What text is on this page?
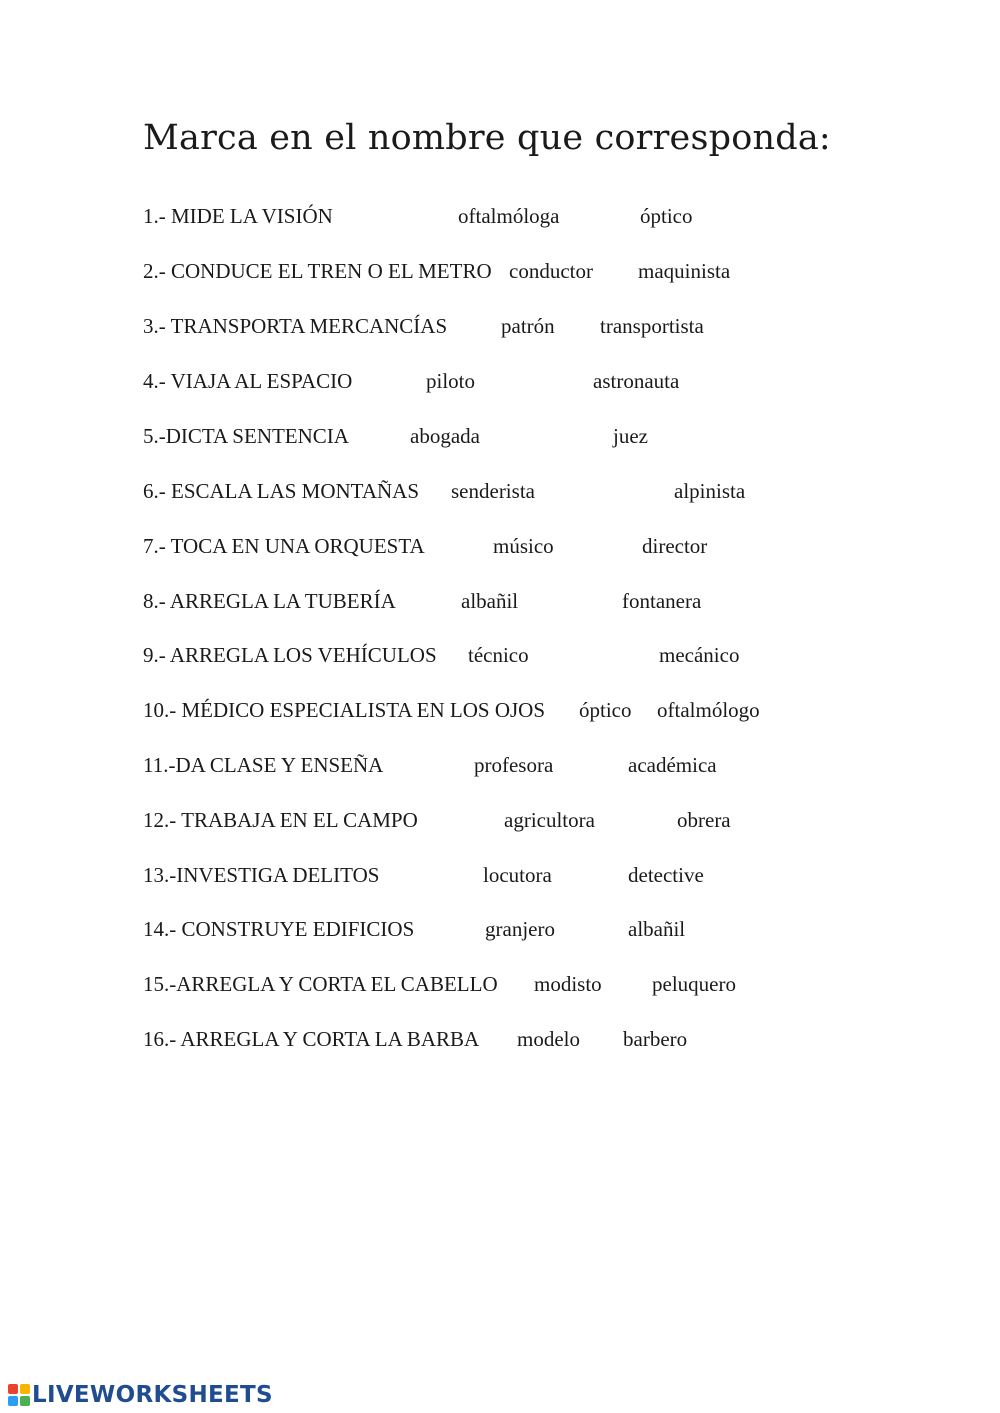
Marca en el nombre que corresponda:
1.- MIDE LA VISIÓN	oftalmóloga	óptico
2.- CONDUCE EL TREN O EL METRO conductor maquinista
3.- TRANSPORTA MERCANCÍAS	patrón transportista
4.- VIAJA AL ESPACIO	piloto	astronauta
5.-DICTA SENTENCIA	abogada	juez
6.- ESCALA LAS MONTAÑAS senderista	alpinista
7.- TOCA EN UNA ORQUESTA	músico	director
8.- ARREGLA LA TUBERÍA	albañil	fontanera
9.- ARREGLA LOS VEHÍCULOS técnico	mecánico
10.- MÉDICO ESPECIALISTA EN LOS OJOS óptico oftalmólogo
11.-DA CLASE Y ENSEÑA	profesora	académica
12.- TRABAJA EN EL CAMPO	agricultora	obrera
13.-INVESTIGA DELITOS	locutora	detective
14.- CONSTRUYE EDIFICIOS	granjero	albañil
15.-ARREGLA Y CORTA EL CABELLO modisto peluquero
16.- ARREGLA Y CORTA LA BARBA modelo barbero
LIVEWORKSHEETS
